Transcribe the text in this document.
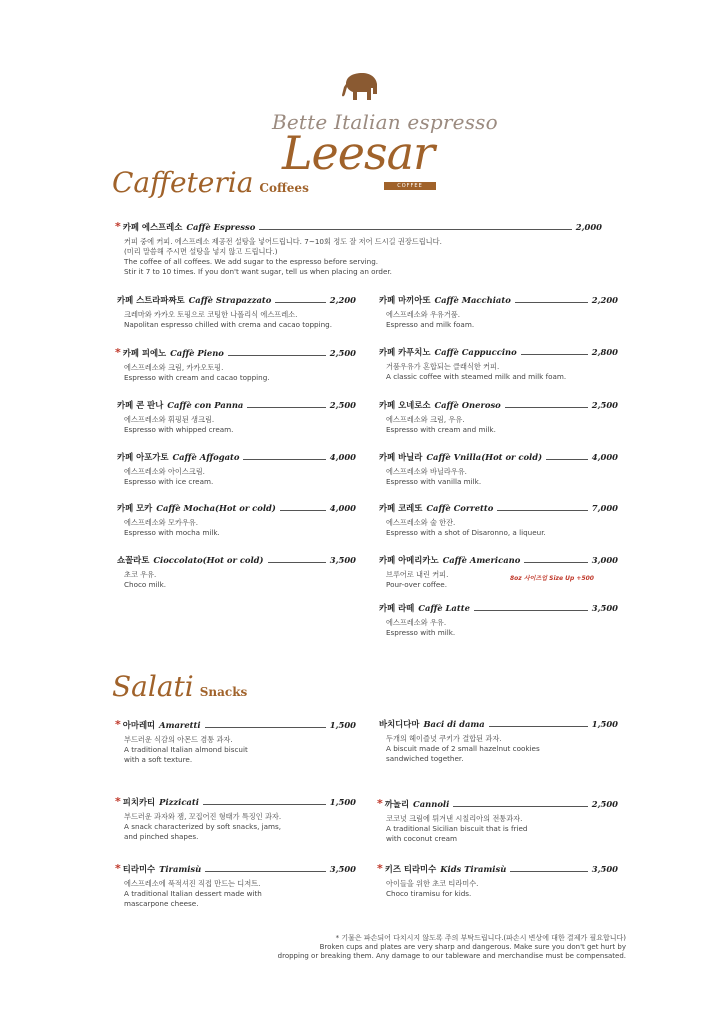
Bette Italian espresso
Leesar
COFFEE
Caffeteria Coffees
* 카페 에스프레소 Caffè Espresso	2,000
커피 중에 커피. 에스프레소 제공전 설탕을 넣어드립니다. 7~10회 정도 잘 저어 드시길 권장드립니다.
(미리 말씀해 주시면 설탕을 넣지 않고 드립니다.)
The coffee of all coffees. We add sugar to the espresso before serving.
Stir it 7 to 10 times. If you don't want sugar, tell us when placing an order.
카페 스트라파짜토 Caffè Strapazzato	2,200
크레마와 카카오 토핑으로 코팅한 나폴리식 에스프레소.
Napolitan espresso chilled with crema and cacao topping.
카페 마끼아또 Caffè Macchiato	2,200
에스프레소와 우유거품.
Espresso and milk foam.
* 카페 피에노 Caffè Pieno	2,500
에스프레소와 크림, 카카오토핑.
Espresso with cream and cacao topping.
카페 카푸치노 Caffè Cappuccino	2,800
거품우유가 혼합되는 클래식한 커피.
A classic coffee with steamed milk and milk foam.
카페 콘 판나 Caffè con Panna	2,500
에스프레소와 휘핑된 생크림.
Espresso with whipped cream.
카페 오네로소 Caffè Oneroso	2,500
에스프레소와 크림, 우유.
Espresso with cream and milk.
카페 아포가토 Caffè Affogato	4,000
에스프레소와 아이스크림.
Espresso with ice cream.
카페 바닐라 Caffè Vnilla(Hot or cold)	4,000
에스프레소와 바닐라우유.
Espresso with vanilla milk.
카페 모카 Caffè Mocha(Hot or cold)	4,000
에스프레소와 모카우유.
Espresso with mocha milk.
카페 코레또 Caffè Corretto	7,000
에스프레소와 술 한잔.
Espresso with a shot of Disaronno, a liqueur.
쇼꼴라토 Cioccolato(Hot or cold)	3,500
초코 우유.
Choco milk.
카페 아메리카노 Caffè Americano	3,000
브루어로 내린 커피.
Pour-over coffee.
8oz 사이즈업 Size Up +500
카페 라떼 Caffè Latte	3,500
에스프레소와 우유.
Espresso with milk.
Salati Snacks
* 아마레띠 Amaretti	1,500
부드러운 식감의 아몬드 겸통 과자.
A traditional Italian almond biscuit
with a soft texture.
바치디다마 Baci di dama	1,500
두개의 헤이즐넛 쿠키가 결합된 과자.
A biscuit made of 2 small hazelnut cookies
sandwiched together.
* 피치카티 Pizzicati	1,500
부드러운 과자와 잼, 꼬집어진 형태가 특징인 과자.
A snack characterized by soft snacks, jams,
and pinched shapes.
* 까놀리 Cannoli	2,500
코코넛 크림에 튀겨낸 시칠리아의 전통과자.
A traditional Sicilian biscuit that is fried
with coconut cream
* 티라미수 Tiramisù	3,500
에스프레소에 푹적셔진 직접 만드는 디저트.
A traditional Italian dessert made with
mascarpone cheese.
* 키즈 티라미수 Kids Tiramisù	3,500
아이들을 위한 초코 티라미수.
Choco tiramisu for kids.
* 기물은 파손되어 다치시지 않도록 주의 부탁드립니다.(파손시 변상에 대한 결제가 필요합니다)
Broken cups and plates are very sharp and dangerous. Make sure you don't get hurt by
dropping or breaking them. Any damage to our tableware and merchandise must be compensated.
